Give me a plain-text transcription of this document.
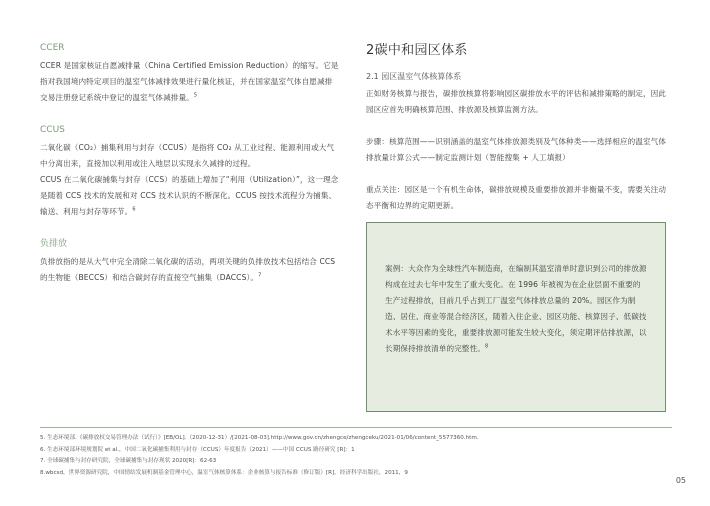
CCER

CCER 是国家核证自愿减排量（China Certified Emission Reduction）的缩写。它是指对我国境内特定项目的温室气体减排效果进行量化核证，并在国家温室气体自愿减排交易注册登记系统中登记的温室气体减排量。$^5$

CCUS

二氧化碳（CO₂）捕集利用与封存（CCUS）是指将 CO₂ 从工业过程、能源利用或大气中分离出来，直接加以利用或注入地层以实现永久减排的过程。

CCUS 在二氧化碳捕集与封存（CCS）的基础上增加了“利用（Utilization）”，这一理念是随着 CCS 技术的发展和对 CCS 技术认识的不断深化。CCUS 按技术流程分为捕集、输送、利用与封存等环节。$^6$

负排放

负排放指的是从大气中完全清除二氧化碳的活动，两项关键的负排放技术包括结合 CCS 的生物能（BECCS）和结合碳封存的直接空气捕集（DACCS）。$^7$

2碳中和园区体系
2.1 园区温室气体核算体系

正如财务核算与报告，碳排放核算将影响园区碳排放水平的评估和减排策略的制定，因此园区应首先明确核算范围、排放源及核算监测方法。

步骤：核算范围——识别涵盖的温室气体排放源类别及气体种类——选择相应的温室气体排放量计算公式——制定监测计划（智能搜集 + 人工填报）

重点关注：园区是一个有机生命体，碳排放规模及重要排放源并非衡量不变，需要关注动态平衡和边界的定期更新。

案例：大众作为全球性汽车制造商，在编制其温室清单时意识到公司的排放源构成在过去七年中发生了重大变化。在 1996 年被视为在企业层面不重要的生产过程排放，目前几乎占到工厂温室气体排放总量的 20%。园区作为制造、居住、商业等混合经济区，随着入住企业、园区功能、核算因子、低碳技术水平等因素的变化，重要排放源可能发生较大变化，须定期评估排放源，以长期保持排放清单的完整性。$^8$

5. 生态环境部.《碳排放权交易管理办法（试行）》[EB/OL].（2020-12-31）/[2021-08-03].http://www.gov.cn/zhengce/zhengceku/2021-01/06/content_5577360.htm.

6. 生态环境部环境规划院 et al.，中国二氧化碳捕集利用与封存（CCUS）年度报告（2021）——中国 CCUS 路径研究 [R]：1

7. 全球碳捕集与封存研究院，全球碳捕集与封存现状 2020[R]：62-63

8.wbcsd，世界资源研究院，中国情结发展机制基金管理中心，温室气体核算体系：企业核算与报告标准（修订版）[R]，经济科学出版社，2011，9

05
